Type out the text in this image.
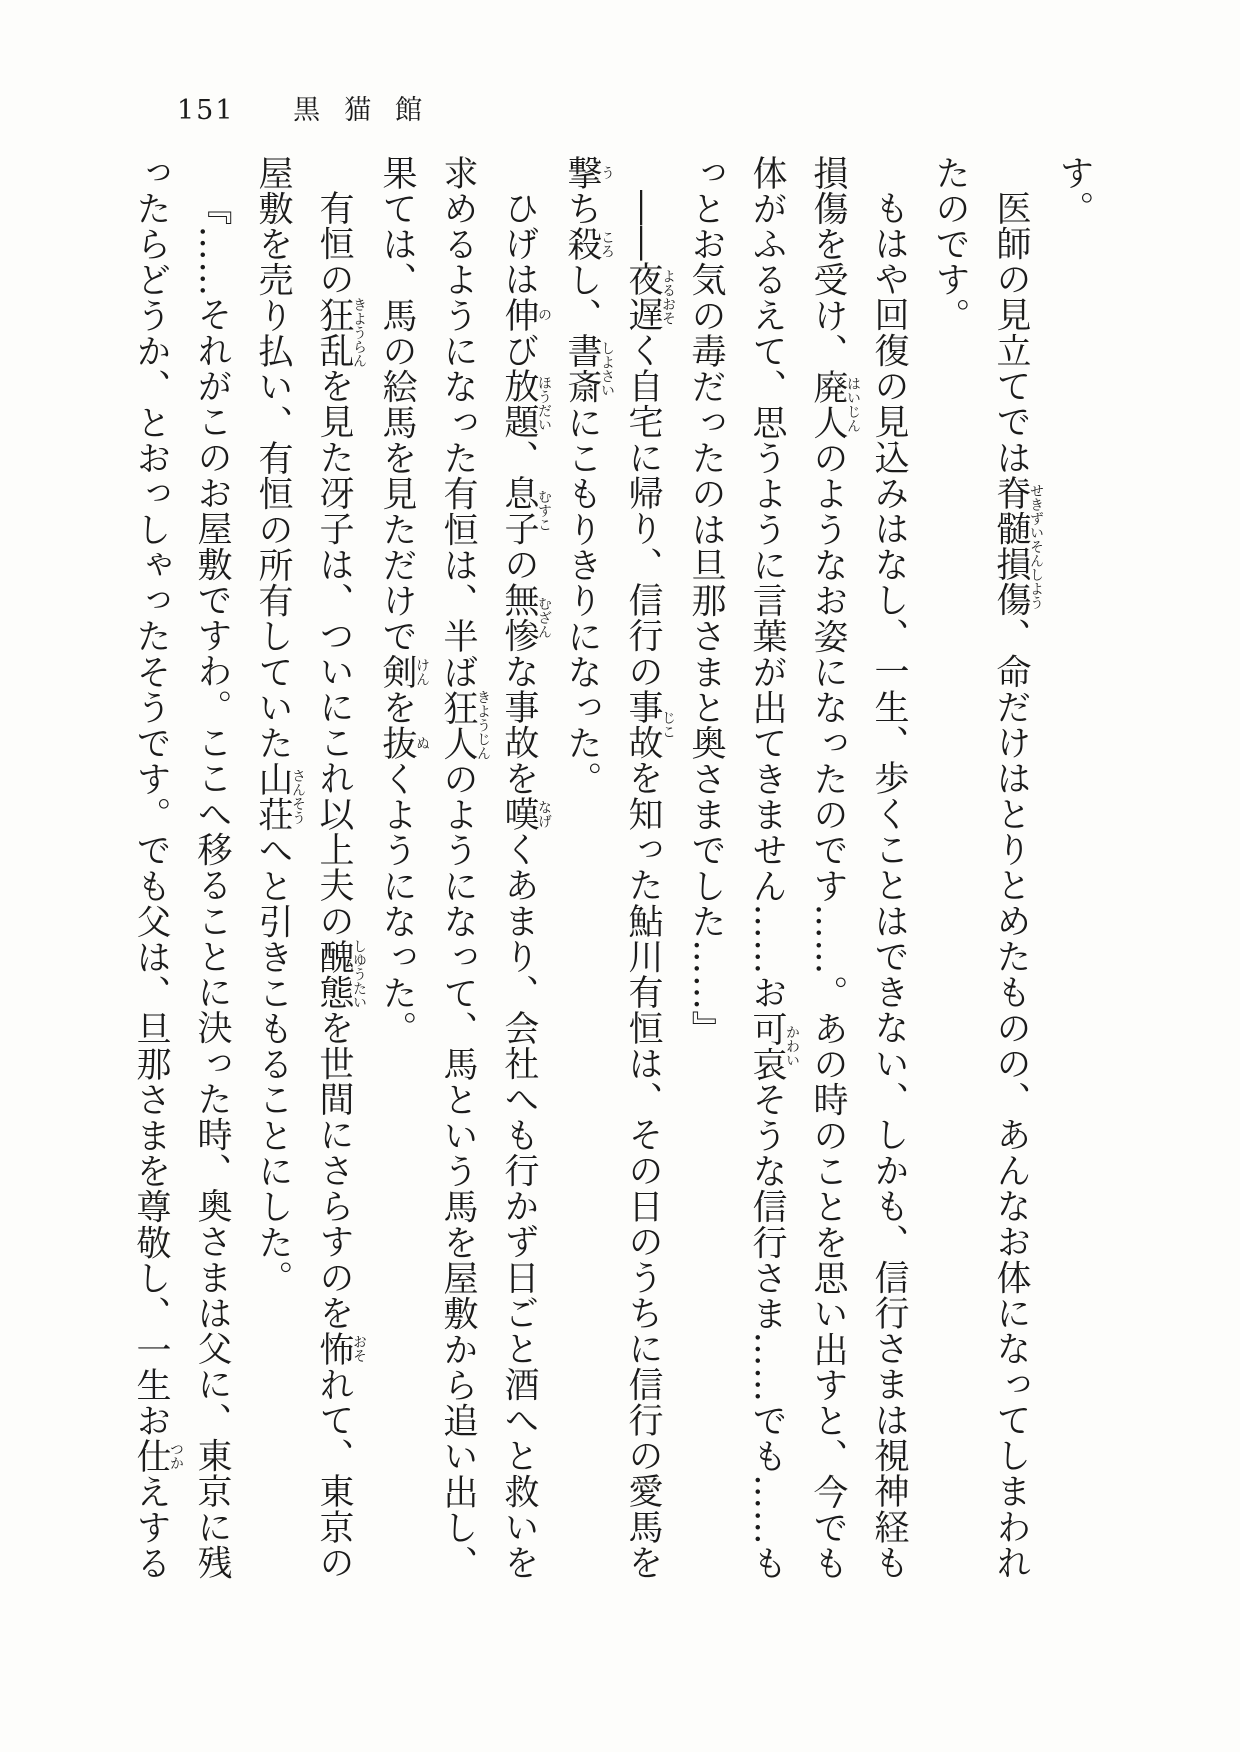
151 黒猫館

す。

医師の見立てでは脊髄損傷せきずいそんしよう、命だけはとりとめたものの、あんなお体になってしまわれたのです。

もはや回復の見込みはなし、一生、歩くことはできない、しかも、信行さまは視神経も損傷を受け、廃人はいじんのようなお姿になったのです……。あの時のことを思い出すと、今でも体がふるえて、思うように言葉が出てきません……お可哀かわいそうな信行さま……でも……もっとお気の毒だったのは旦那さまと奥さまでした……』

――夜遅よるおそく自宅に帰り、信行の事故じこを知った鮎川有恒は、その日のうちに信行の愛馬を撃うち殺ころし、書斎しよさいにこもりきりになった。

ひげは伸のび放題ほうだい、息子むすこの無惨むざんな事故を嘆なげくあまり、会社へも行かず日ごと酒へと救いを求めるようになった有恒は、半ば狂人きようじんのようになって、馬という馬を屋敷から追い出し、果ては、馬の絵馬を見ただけで剣けんを抜ぬくようになった。

有恒の狂乱きようらんを見た冴子は、ついにこれ以上夫の醜態しゆうたいを世間にさらすのを怖おそれて、東京の屋敷を売り払い、有恒の所有していた山荘さんそうへと引きこもることにした。

『……それがこのお屋敷ですわ。ここへ移ることに決った時、奥さまは父に、東京に残ったらどうか、とおっしゃったそうです。でも父は、旦那さまを尊敬し、一生お仕つかえする
